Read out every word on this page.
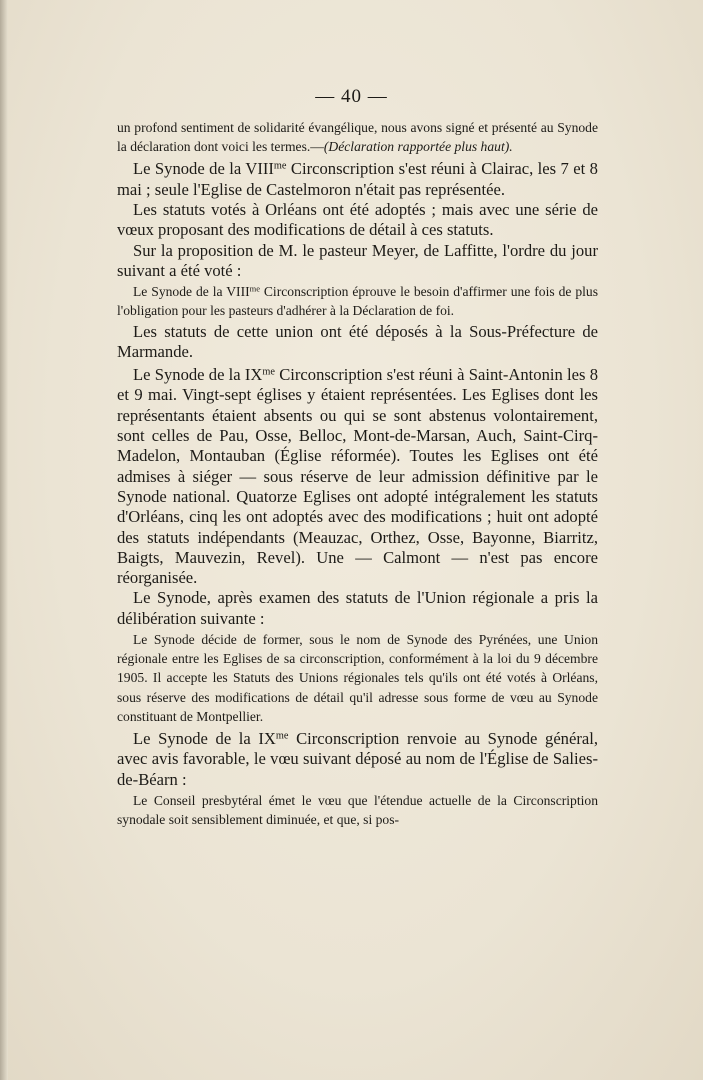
— 40 —

un profond sentiment de solidarité évangélique, nous avons signé et présenté au Synode la déclaration dont voici les termes.—(Déclaration rapportée plus haut).

Le Synode de la $VIII^{me}$ Circonscription s'est réuni à Clairac, les 7 et 8 mai ; seule l'Eglise de Castelmoron n'était pas représentée.

Les statuts votés à Orléans ont été adoptés ; mais avec une série de vœux proposant des modifications de détail à ces statuts.

Sur la proposition de M. le pasteur Meyer, de Laffitte, l'ordre du jour suivant a été voté :

Le Synode de la $VIII^{me}$ Circonscription éprouve le besoin d'affirmer une fois de plus l'obligation pour les pasteurs d'adhérer à la Déclaration de foi.

Les statuts de cette union ont été déposés à la Sous-Préfecture de Marmande.

Le Synode de la $IX^{me}$ Circonscription s'est réuni à Saint-Antonin les 8 et 9 mai. Vingt-sept églises y étaient représentées. Les Eglises dont les représentants étaient absents ou qui se sont abstenus volontairement, sont celles de Pau, Osse, Belloc, Mont-de-Marsan, Auch, Saint-Cirq-Madelon, Montauban (Église réformée). Toutes les Eglises ont été admises à siéger — sous réserve de leur admission définitive par le Synode national. Quatorze Eglises ont adopté intégralement les statuts d'Orléans, cinq les ont adoptés avec des modifications ; huit ont adopté des statuts indépendants (Meauzac, Orthez, Osse, Bayonne, Biarritz, Baigts, Mauvezin, Revel). Une — Calmont — n'est pas encore réorganisée.

Le Synode, après examen des statuts de l'Union régionale a pris la délibération suivante :

Le Synode décide de former, sous le nom de Synode des Pyrénées, une Union régionale entre les Eglises de sa circonscription, conformément à la loi du 9 décembre 1905. Il accepte les Statuts des Unions régionales tels qu'ils ont été votés à Orléans, sous réserve des modifications de détail qu'il adresse sous forme de vœu au Synode constituant de Montpellier.

Le Synode de la $IX^{me}$ Circonscription renvoie au Synode général, avec avis favorable, le vœu suivant déposé au nom de l'Église de Salies-de-Béarn :

Le Conseil presbytéral émet le vœu que l'étendue actuelle de la Circonscription synodale soit sensiblement diminuée, et que, si pos-
